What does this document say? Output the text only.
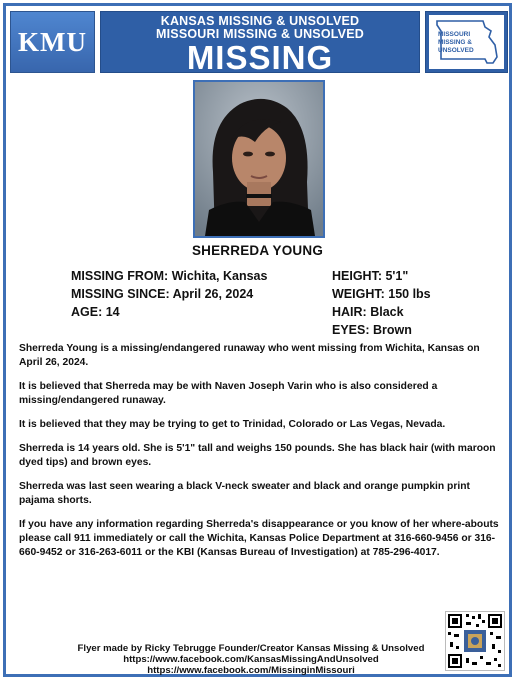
KMU
KANSAS MISSING & UNSOLVED
MISSOURI MISSING & UNSOLVED
MISSING
MISSOURI
MISSING &
UNSOLVED
SHERREDA YOUNG
MISSING FROM: Wichita, Kansas
MISSING SINCE: April 26, 2024
AGE: 14
HEIGHT: 5'1"
WEIGHT: 150 lbs
HAIR: Black
EYES: Brown

Sherreda Young is a missing/endangered runaway who went missing from Wichita, Kansas on April 26, 2024.

It is believed that Sherreda may be with Naven Joseph Varin who is also considered a missing/endangered runaway.

It is believed that they may be trying to get to Trinidad, Colorado or Las Vegas, Nevada.

Sherreda is 14 years old. She is 5'1" tall and weighs 150 pounds. She has black hair (with maroon dyed tips) and brown eyes.

Sherreda was last seen wearing a black V-neck sweater and black and orange pumpkin print pajama shorts.

If you have any information regarding Sherreda's disappearance or you know of her where-abouts please call 911 immediately or call the Wichita, Kansas Police Department at 316-660-9456 or 316-660-9452 or 316-263-6011 or the KBI (Kansas Bureau of Investigation) at 785-296-4017.

Flyer made by Ricky Tebrugge Founder/Creator Kansas Missing & Unsolved
https://www.facebook.com/KansasMissingAndUnsolved
https://www.facebook.com/MissinginMissouri
